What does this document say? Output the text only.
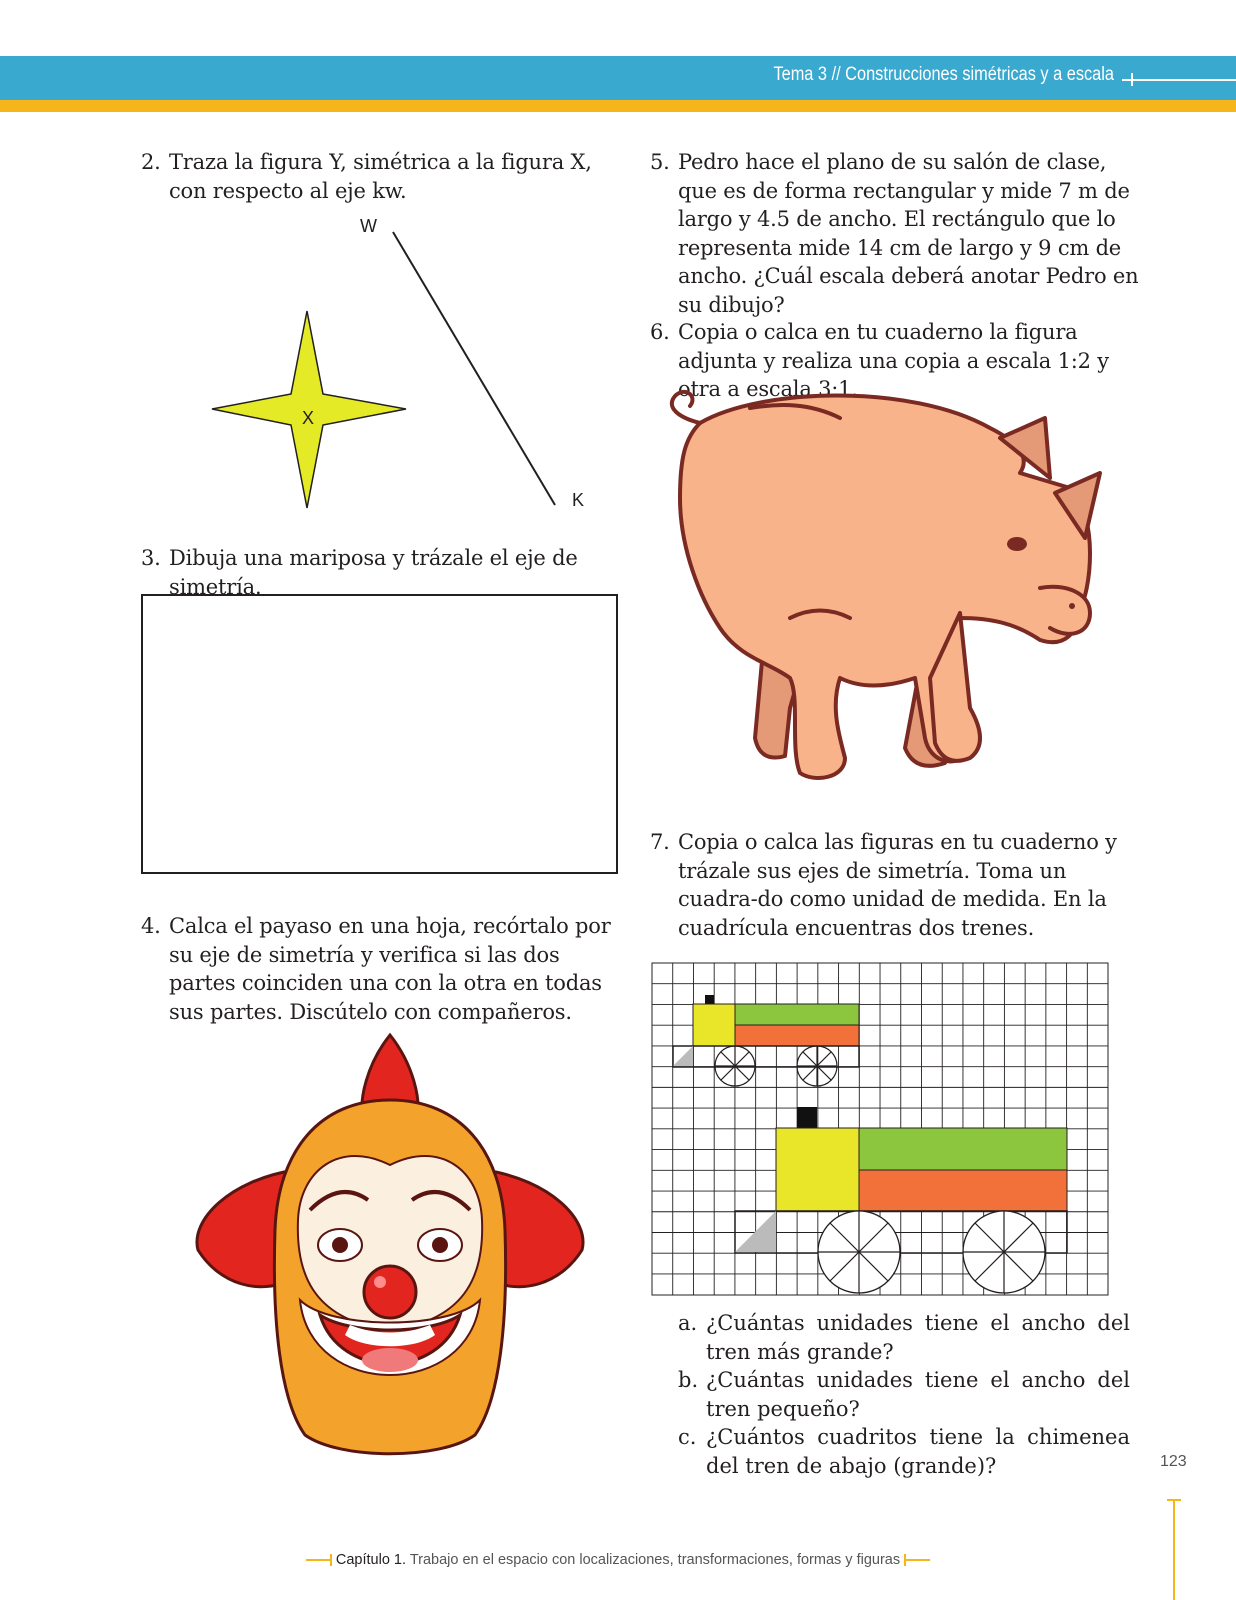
Tema 3 // Construcciones simétricas y a escala
2. Traza la figura Y, simétrica a la figura X, con respecto al eje kw.
W
K
X
3. Dibuja una mariposa y trázale el eje de simetría.
4. Calca el payaso en una hoja, recórtalo por su eje de simetría y verifica si las dos partes coinciden una con la otra en todas sus partes. Discútelo con compañeros.
5. Pedro hace el plano de su salón de clase, que es de forma rectangular y mide 7 m de largo y 4.5 de ancho. El rectángulo que lo representa mide 14 cm de largo y 9 cm de ancho. ¿Cuál escala deberá anotar Pedro en su dibujo?
6. Copia o calca en tu cuaderno la figura adjunta y realiza una copia a escala 1:2 y otra a escala 3:1.
7. Copia o calca las figuras en tu cuaderno y trázale sus ejes de simetría. Toma un cuadra-do como unidad de medida. En la cuadrícula encuentras dos trenes.
a. ¿Cuántas unidades tiene el ancho del tren más grande?
b. ¿Cuántas unidades tiene el ancho del tren pequeño?
c. ¿Cuántos cuadritos tiene la chimenea del tren de abajo (grande)?	123
Capítulo 1. Trabajo en el espacio con localizaciones, transformaciones, formas y figuras
